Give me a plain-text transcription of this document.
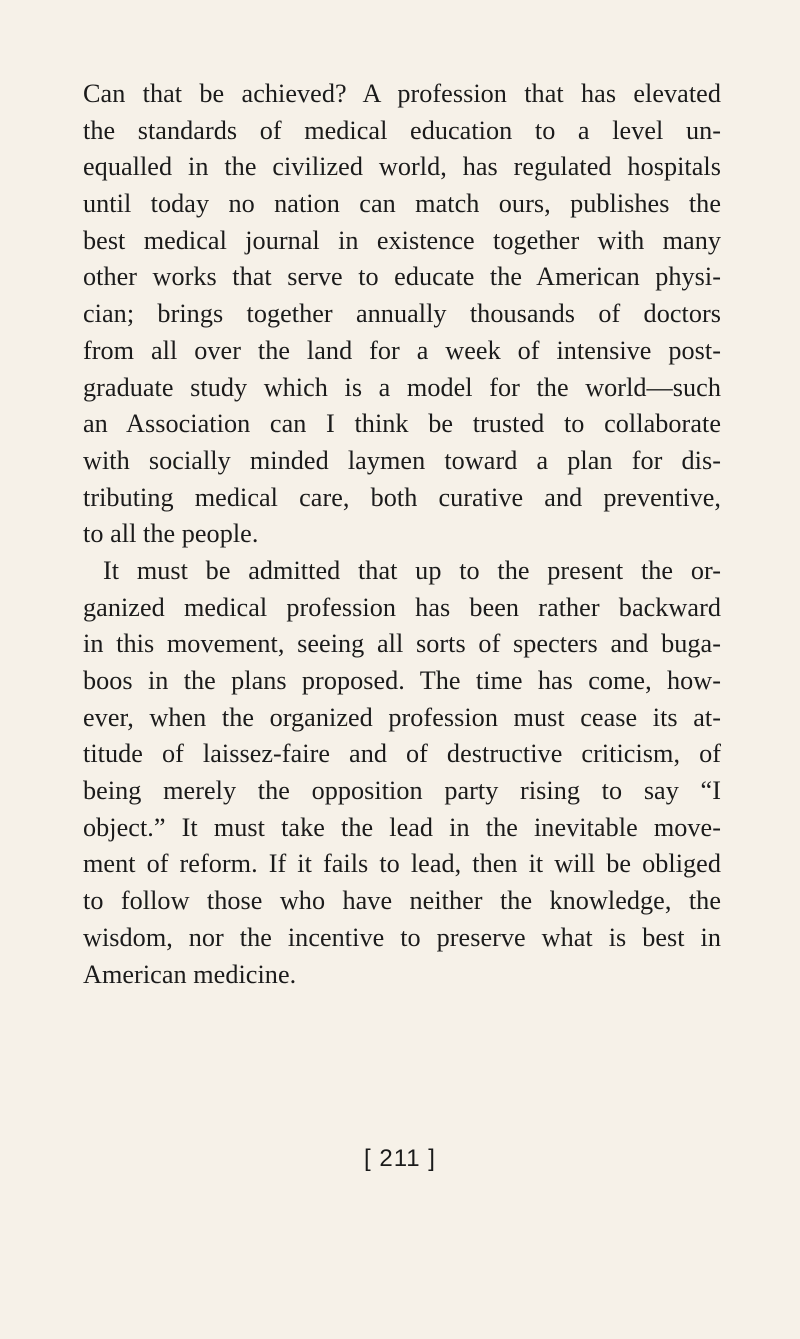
Can that be achieved? A profession that has elevated
the standards of medical education to a level un-
equalled in the civilized world, has regulated hospitals
until today no nation can match ours, publishes the
best medical journal in existence together with many
other works that serve to educate the American physi-
cian; brings together annually thousands of doctors
from all over the land for a week of intensive post-
graduate study which is a model for the world—such
an Association can I think be trusted to collaborate
with socially minded laymen toward a plan for dis-
tributing medical care, both curative and preventive,
to all the people.
It must be admitted that up to the present the or-
ganized medical profession has been rather backward
in this movement, seeing all sorts of specters and buga-
boos in the plans proposed. The time has come, how-
ever, when the organized profession must cease its at-
titude of laissez-faire and of destructive criticism, of
being merely the opposition party rising to say “I
object.” It must take the lead in the inevitable move-
ment of reform. If it fails to lead, then it will be obliged
to follow those who have neither the knowledge, the
wisdom, nor the incentive to preserve what is best in
American medicine.
[ 211 ]
